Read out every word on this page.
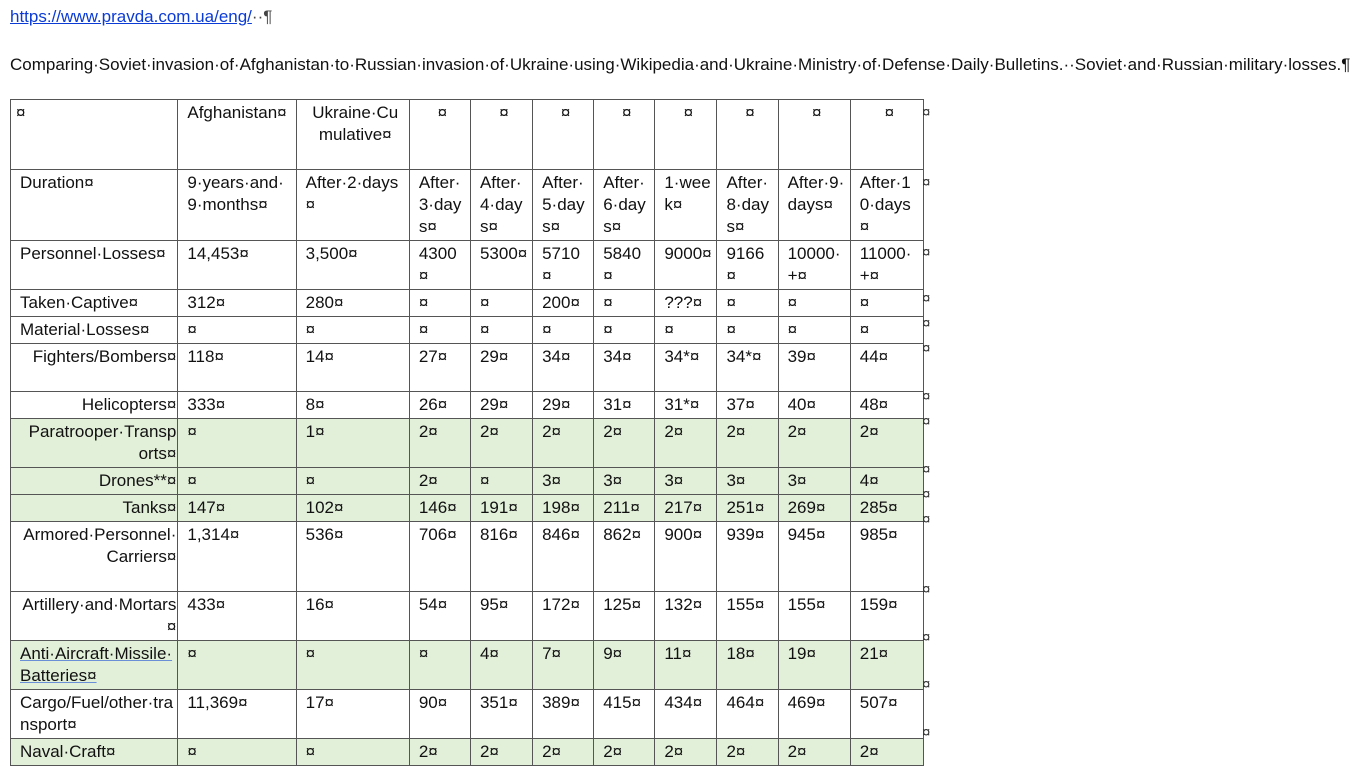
https://www.pravda.com.ua/eng/··¶
Comparing·Soviet·invasion·of·Afghanistan·to·Russian·invasion·of·Ukraine·using·Wikipedia·and·Ukraine·Ministry·of·Defense·Daily·Bulletins.··Soviet·and·Russian·military·losses.¶
¤	Afghanistan¤	Ukraine·Cumulative¤	¤	¤	¤	¤	¤	¤	¤	¤
Duration¤	9·years·and·9·months¤	After·2·days¤	After·3·days¤	After·4·days¤	After·5·days¤	After·6·days¤	1·week¤	After·8·days¤	After·9·days¤	After·10·days¤
Personnel·Losses¤	14,453¤	3,500¤	4300¤	5300¤	5710¤	5840¤	9000¤	9166¤	10000·+¤	11000·+¤
Taken·Captive¤	312¤	280¤	¤	¤	200¤	¤	???¤	¤	¤	¤
Material·Losses¤	¤	¤	¤	¤	¤	¤	¤	¤	¤	¤
Fighters/Bombers¤	118¤	14¤	27¤	29¤	34¤	34¤	34*¤	34*¤	39¤	44¤
Helicopters¤	333¤	8¤	26¤	29¤	29¤	31¤	31*¤	37¤	40¤	48¤
Paratrooper·Transports¤	¤	1¤	2¤	2¤	2¤	2¤	2¤	2¤	2¤	2¤
Drones**¤	¤	¤	2¤	¤	3¤	3¤	3¤	3¤	3¤	4¤
Tanks¤	147¤	102¤	146¤	191¤	198¤	211¤	217¤	251¤	269¤	285¤
Armored·Personnel·Carriers¤	1,314¤	536¤	706¤	816¤	846¤	862¤	900¤	939¤	945¤	985¤
Artillery·and·Mortars¤	433¤	16¤	54¤	95¤	172¤	125¤	132¤	155¤	155¤	159¤
Anti·Aircraft·Missile·Batteries¤	¤	¤	¤	4¤	7¤	9¤	11¤	18¤	19¤	21¤
Cargo/Fuel/other·transport¤	11,369¤	17¤	90¤	351¤	389¤	415¤	434¤	464¤	469¤	507¤
Naval·Craft¤	¤	¤	2¤	2¤	2¤	2¤	2¤	2¤	2¤	2¤
¤
¤
¤
¤
¤
¤
¤
¤
¤
¤
¤
¤
¤
¤
¤
